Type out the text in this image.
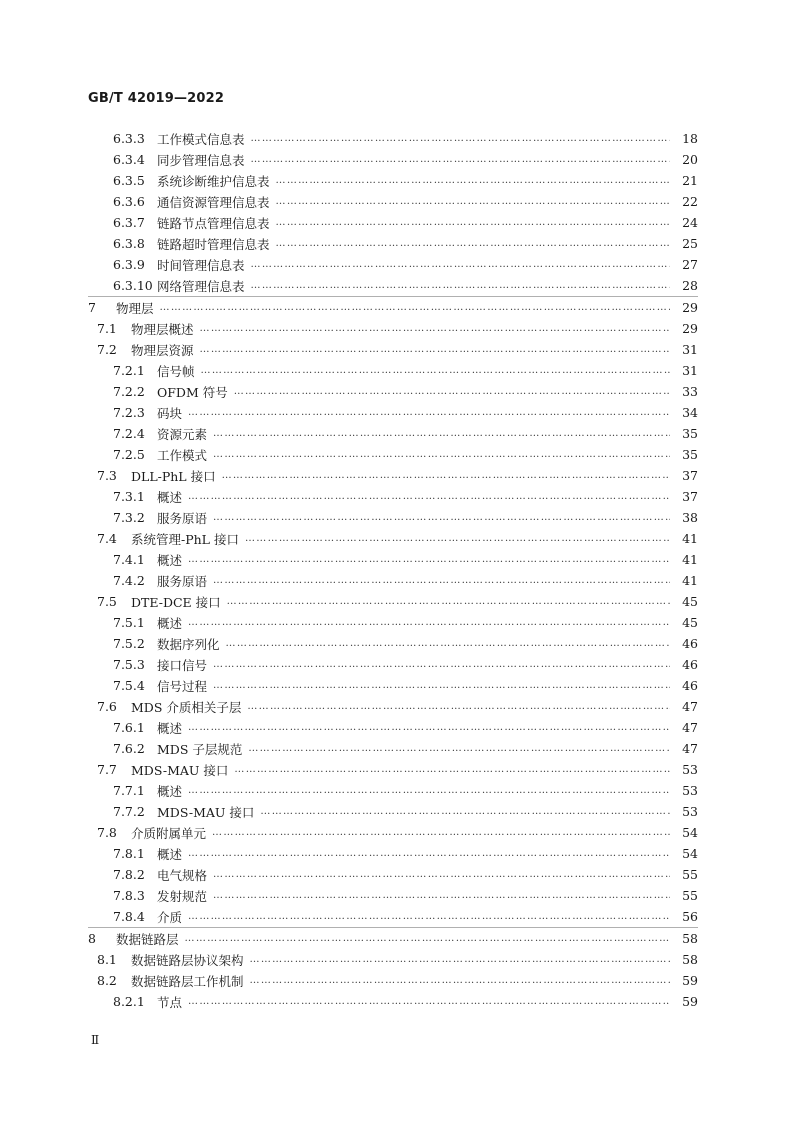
GB/T 42019—2022
6.3.3 工作模式信息表 ……………………………………………………………………………………………………………………………………………………………………………………………………………………………………………………	18
6.3.4 同步管理信息表 ……………………………………………………………………………………………………………………………………………………………………………………………………………………………………………………	20
6.3.5 系统诊断维护信息表 ……………………………………………………………………………………………………………………………………………………………………………………………………………………………………………………	21
6.3.6 通信资源管理信息表 ……………………………………………………………………………………………………………………………………………………………………………………………………………………………………………………	22
6.3.7 链路节点管理信息表 ……………………………………………………………………………………………………………………………………………………………………………………………………………………………………………………	24
6.3.8 链路超时管理信息表 ……………………………………………………………………………………………………………………………………………………………………………………………………………………………………………………	25
6.3.9 时间管理信息表 ……………………………………………………………………………………………………………………………………………………………………………………………………………………………………………………	27
6.3.10 网络管理信息表 ……………………………………………………………………………………………………………………………………………………………………………………………………………………………………………………	28
7	物理层 ……………………………………………………………………………………………………………………………………………………………………………………………………………………………………………………	29
7.1	物理层概述 ……………………………………………………………………………………………………………………………………………………………………………………………………………………………………………………	29
7.2	物理层资源 ……………………………………………………………………………………………………………………………………………………………………………………………………………………………………………………	31
7.2.1 信号帧 ……………………………………………………………………………………………………………………………………………………………………………………………………………………………………………………	31
7.2.2 OFDM 符号 ……………………………………………………………………………………………………………………………………………………………………………………………………………………………………………………	33
7.2.3 码块 ……………………………………………………………………………………………………………………………………………………………………………………………………………………………………………………	34
7.2.4 资源元素 ……………………………………………………………………………………………………………………………………………………………………………………………………………………………………………………	35
7.2.5 工作模式 ……………………………………………………………………………………………………………………………………………………………………………………………………………………………………………………	35
7.3	DLL-PhL 接口 ……………………………………………………………………………………………………………………………………………………………………………………………………………………………………………………	37
7.3.1 概述 ……………………………………………………………………………………………………………………………………………………………………………………………………………………………………………………	37
7.3.2 服务原语 ……………………………………………………………………………………………………………………………………………………………………………………………………………………………………………………	38
7.4	系统管理-PhL 接口 ……………………………………………………………………………………………………………………………………………………………………………………………………………………………………………………	41
7.4.1 概述 ……………………………………………………………………………………………………………………………………………………………………………………………………………………………………………………	41
7.4.2 服务原语 ……………………………………………………………………………………………………………………………………………………………………………………………………………………………………………………	41
7.5	DTE-DCE 接口 ……………………………………………………………………………………………………………………………………………………………………………………………………………………………………………………	45
7.5.1 概述 ……………………………………………………………………………………………………………………………………………………………………………………………………………………………………………………	45
7.5.2 数据序列化 ……………………………………………………………………………………………………………………………………………………………………………………………………………………………………………………	46
7.5.3 接口信号 ……………………………………………………………………………………………………………………………………………………………………………………………………………………………………………………	46
7.5.4 信号过程 ……………………………………………………………………………………………………………………………………………………………………………………………………………………………………………………	46
7.6	MDS 介质相关子层 ……………………………………………………………………………………………………………………………………………………………………………………………………………………………………………………	47
7.6.1 概述 ……………………………………………………………………………………………………………………………………………………………………………………………………………………………………………………	47
7.6.2 MDS 子层规范 ……………………………………………………………………………………………………………………………………………………………………………………………………………………………………………………	47
7.7	MDS-MAU 接口 ……………………………………………………………………………………………………………………………………………………………………………………………………………………………………………………	53
7.7.1 概述 ……………………………………………………………………………………………………………………………………………………………………………………………………………………………………………………	53
7.7.2 MDS-MAU 接口 ……………………………………………………………………………………………………………………………………………………………………………………………………………………………………………………	53
7.8	介质附属单元 ……………………………………………………………………………………………………………………………………………………………………………………………………………………………………………………	54
7.8.1 概述 ……………………………………………………………………………………………………………………………………………………………………………………………………………………………………………………	54
7.8.2 电气规格 ……………………………………………………………………………………………………………………………………………………………………………………………………………………………………………………	55
7.8.3 发射规范 ……………………………………………………………………………………………………………………………………………………………………………………………………………………………………………………	55
7.8.4 介质 ……………………………………………………………………………………………………………………………………………………………………………………………………………………………………………………	56
8	数据链路层 ……………………………………………………………………………………………………………………………………………………………………………………………………………………………………………………	58
8.1	数据链路层协议架构 ……………………………………………………………………………………………………………………………………………………………………………………………………………………………………………………	58
8.2	数据链路层工作机制 ……………………………………………………………………………………………………………………………………………………………………………………………………………………………………………………	59
8.2.1 节点 ……………………………………………………………………………………………………………………………………………………………………………………………………………………………………………………	59
Ⅱ
